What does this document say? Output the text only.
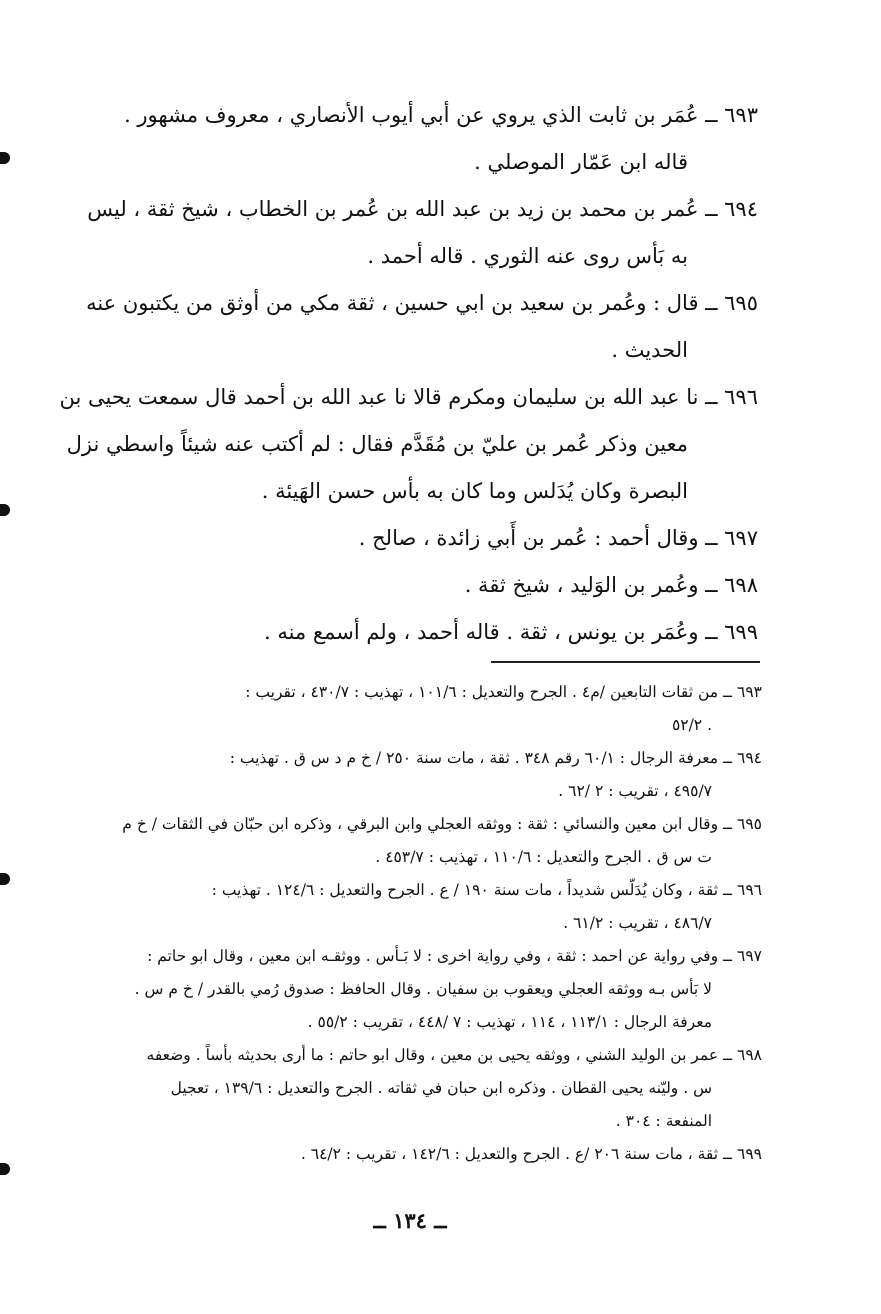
٦٩٣ ــ عُمَر بن ثابت الذي يروي عن أبي أيوب الأنصاري ، معروف مشهور .
قاله ابن عَمّار الموصلي .

٦٩٤ ــ عُمر بن محمد بن زيد بن عبد الله بن عُمر بن الخطاب ، شيخ ثقة ، ليس
به بَأس روى عنه الثوري . قاله أحمد .

٦٩٥ ــ قال : وعُمر بن سعيد بن ابي حسين ، ثقة مكي من أوثق من يكتبون عنه
الحديث .

٦٩٦ ــ نا عبد الله بن سليمان ومكرم قالا نا عبد الله بن أحمد قال سمعت يحيى بن
معين وذكر عُمر بن عليّ بن مُقَدَّم فقال : لم أكتب عنه شيئاً واسطي نزل
البصرة وكان يُدَلس وما كان به بأس حسن الهَيئة .

٦٩٧ ــ وقال أحمد : عُمر بن أَبي زائدة ، صالح .

٦٩٨ ــ وعُمر بن الوَليد ، شيخ ثقة .

٦٩٩ ــ وعُمَر بن يونس ، ثقة . قاله أحمد ، ولم أسمع منه .

٦٩٣ ــ من ثقات التابعين /م٤ . الجرح والتعديل : ١٠١/٦ ، تهذيب : ٤٣٠/٧ ، تقريب :
. ٥٢/٢

٦٩٤ ــ معرفة الرجال : ٦٠/١ رقم ٣٤٨ . ثقة ، مات سنة ٢٥٠ / خ م د س ق . تهذيب :
٤٩٥/٧ ، تقريب : ٢ /٦٢ .

٦٩٥ ــ وقال ابن معين والنسائي : ثقة : ووثقه العجلي وابن البرقي ، وذكره ابن حبّان في الثقات / خ م
ت س ق . الجرح والتعديل : ١١٠/٦ ، تهذيب : ٤٥٣/٧ .

٦٩٦ ــ ثقة ، وكان يُدَلّس شديداً ، مات سنة ١٩٠ / ع . الجرح والتعديل : ١٢٤/٦ . تهذيب :
٤٨٦/٧ ، تقريب : ٦١/٢ .

٦٩٧ ــ وفي رواية عن احمد : ثقة ، وفي رواية اخرى : لا بَـأس . ووثقـه ابن معين ، وقال ابو حاتم :
لا بَأس بـه ووثقه العجلي ويعقوب بن سفيان . وقال الحافظ : صدوق رُمي بالقدر / خ م س .
معرفة الرجال : ١١٣/١ ، ١١٤ ، تهذيب : ٧ /٤٤٨ ، تقريب : ٥٥/٢ .

٦٩٨ ــ عمر بن الوليد الشني ، ووثقه يحيى بن معين ، وقال ابو حاتم : ما أرى بحديثه بأساً . وضعفه
س . وليّنه يحيى القطان . وذكره ابن حبان في ثقاته . الجرح والتعديل : ١٣٩/٦ ، تعجيل
المنفعة : ٣٠٤ .

٦٩٩ ــ ثقة ، مات سنة ٢٠٦ /ع . الجرح والتعديل : ١٤٢/٦ ، تقريب : ٦٤/٢ .

ــ ١٣٤ ــ
